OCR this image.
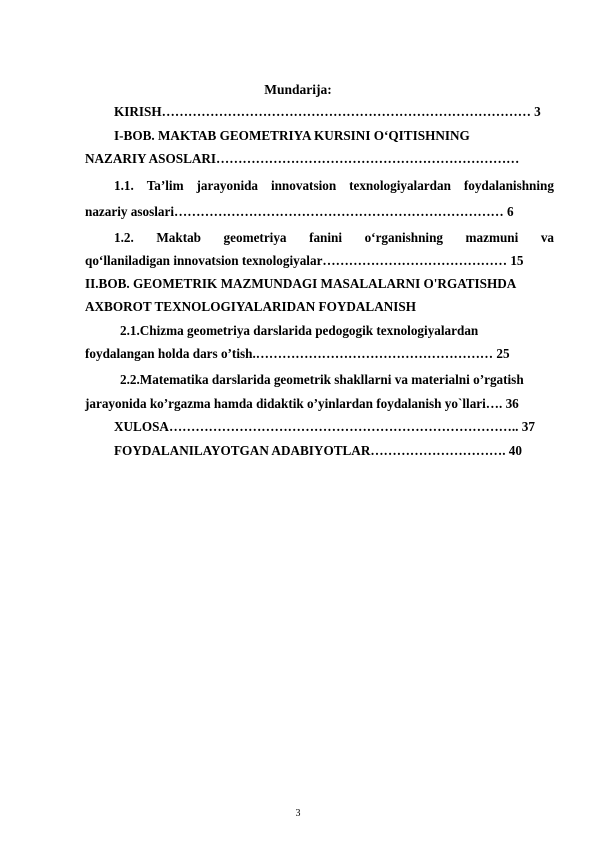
Mundarija:
KIRISH………………………………………………………………………… 3
I-BOB. MAKTAB GEOMETRIYA KURSINI O‘QITISHNING
NAZARIY ASOSLARI……………………………………………………………
1.1. Ta’lim jarayonida innovatsion texnologiyalardan foydalanishning
nazariy asoslari………………………………………………………………… 6
1.2. Maktab geometriya fanini o‘rganishning mazmuni va
qo‘llaniladigan innovatsion texnologiyalar…………………………………… 15
II.BOB. GEOMETRIK MAZMUNDAGI MASALALARNI O'RGATISHDA
AXBOROT TEXNOLOGIYALARIDAN FOYDALANISH
2.1.Chizma geometriya darslarida pedogogik texnologiyalardan
foydalangan holda dars o’tish.……………………………………………… 25
2.2.Matematika darslarida geometrik shakllarni va materialni o’rgatish
jarayonida ko’rgazma hamda didaktik o’yinlardan foydalanish yo`llari…. 36
XULOSA…………………………………………………………………….. 37
FOYDALANILAYOTGAN ADABIYOTLAR…………………………. 40
3
